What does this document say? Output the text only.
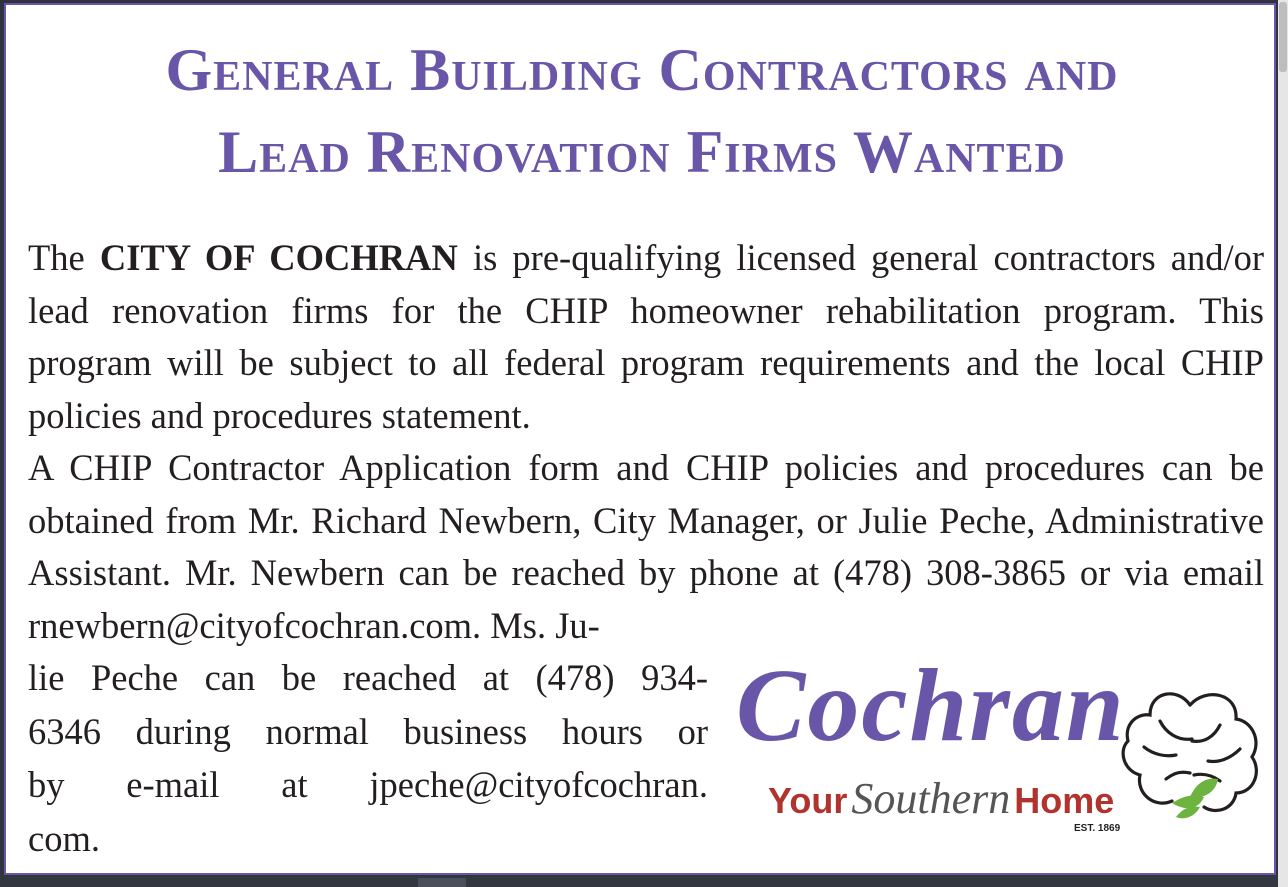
General Building Contractors and
Lead Renovation Firms Wanted

The CITY OF COCHRAN is pre-qualifying licensed general contractors and/or lead renovation firms for the CHIP homeowner rehabilitation program. This program will be subject to all federal program requirements and the local CHIP policies and procedures statement.

A CHIP Contractor Application form and CHIP policies and procedures can be obtained from Mr. Richard Newbern, City Manager, or Julie Peche, Administrative Assistant. Mr. Newbern can be reached by phone at (478) 308-3865 or via email rnewbern@cityofcochran.com. Ms. Ju-

lie Peche can be reached at (478) 934-
6346 during normal business hours or
by e-mail at jpeche@cityofcochran.
com.
Cochran
YourSouthern Home
EST. 1869
